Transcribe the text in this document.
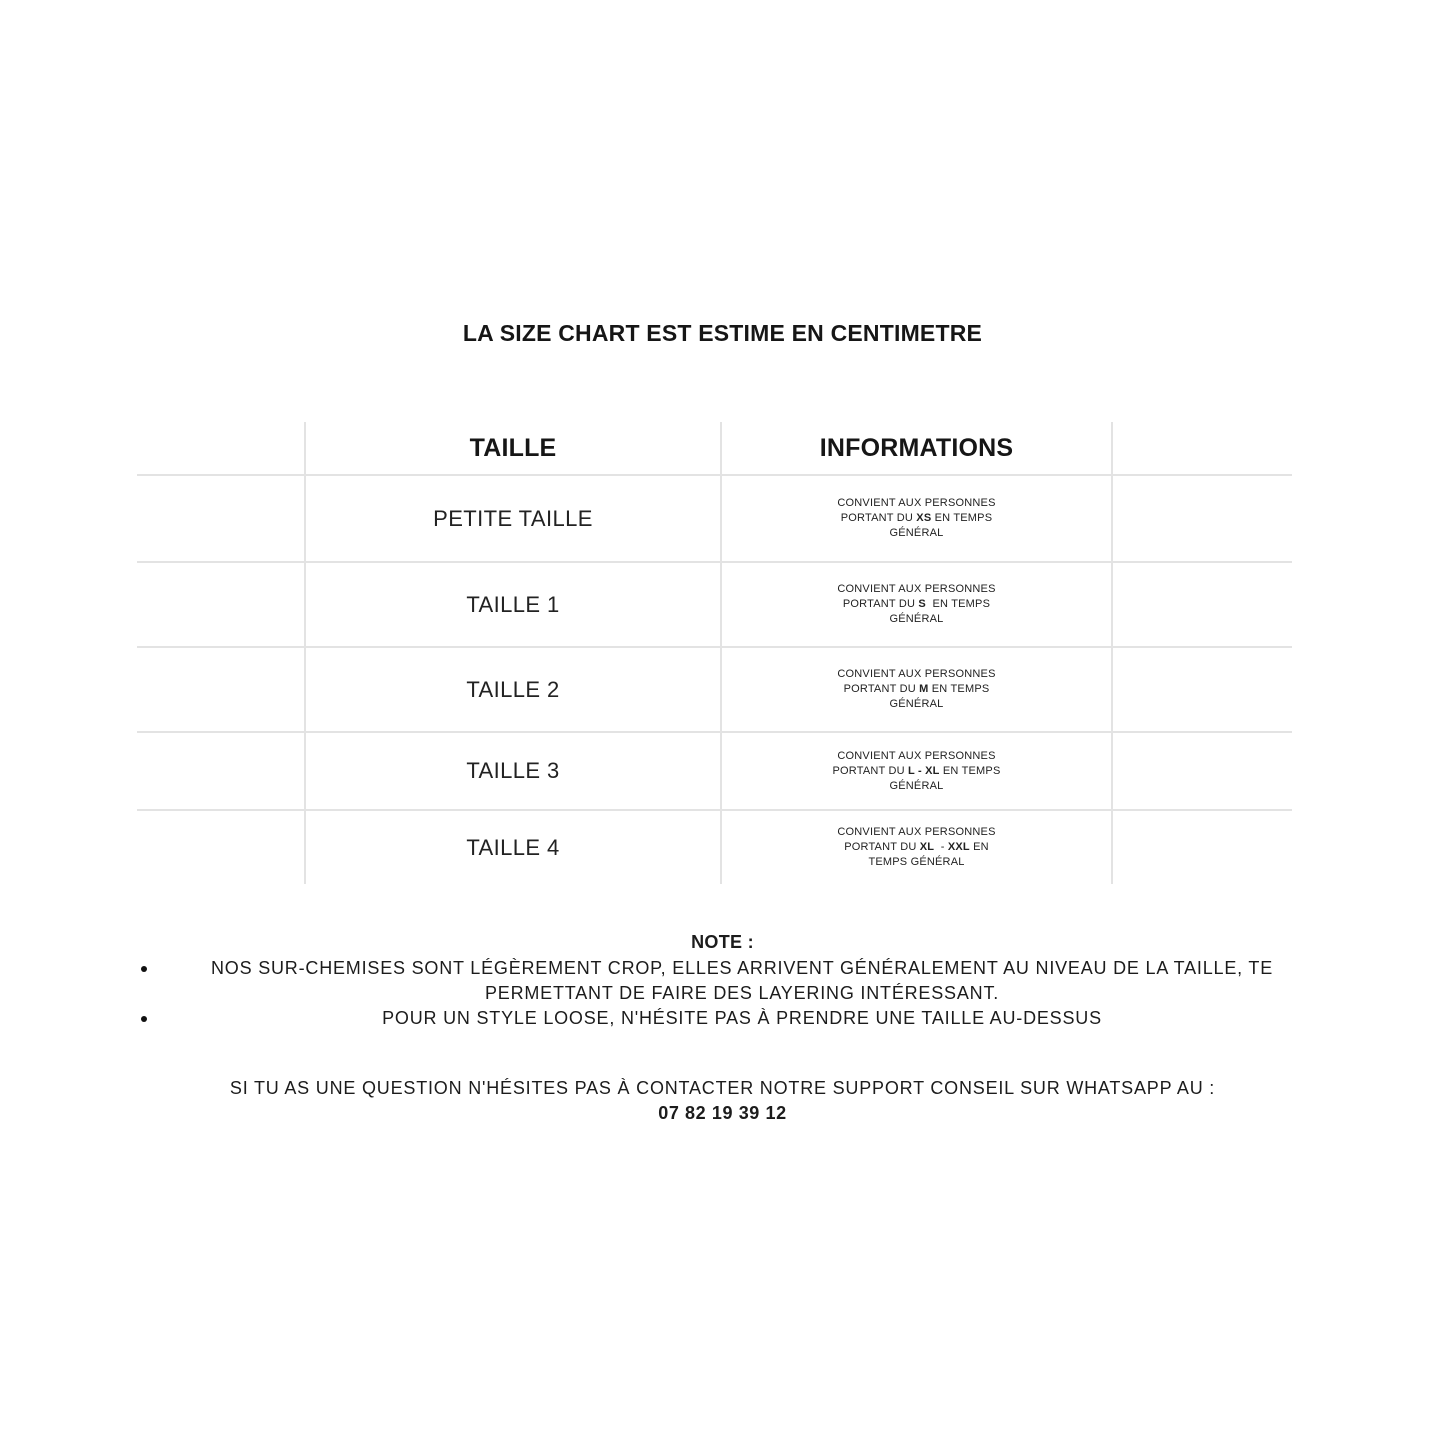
LA SIZE CHART EST ESTIME EN CENTIMETRE
TAILLE	INFORMATIONS
PETITE TAILLE
CONVIENT AUX PERSONNES
PORTANT DU XS EN TEMPS
GÉNÉRAL
TAILLE 1
CONVIENT AUX PERSONNES
PORTANT DU S  EN TEMPS
GÉNÉRAL
TAILLE 2
CONVIENT AUX PERSONNES
PORTANT DU M EN TEMPS
GÉNÉRAL
TAILLE 3
CONVIENT AUX PERSONNES
PORTANT DU L - XL EN TEMPS
GÉNÉRAL
TAILLE 4
CONVIENT AUX PERSONNES
PORTANT DU XL  - XXL EN
TEMPS GÉNÉRAL
NOTE :
NOS SUR-CHEMISES SONT LÉGÈREMENT CROP, ELLES ARRIVENT GÉNÉRALEMENT AU NIVEAU DE LA TAILLE, TE PERMETTANT DE FAIRE DES LAYERING INTÉRESSANT.
POUR UN STYLE LOOSE, N'HÉSITE PAS À PRENDRE UNE TAILLE AU-DESSUS
SI TU AS UNE QUESTION N'HÉSITES PAS À CONTACTER NOTRE SUPPORT CONSEIL SUR WHATSAPP AU :
07 82 19 39 12
